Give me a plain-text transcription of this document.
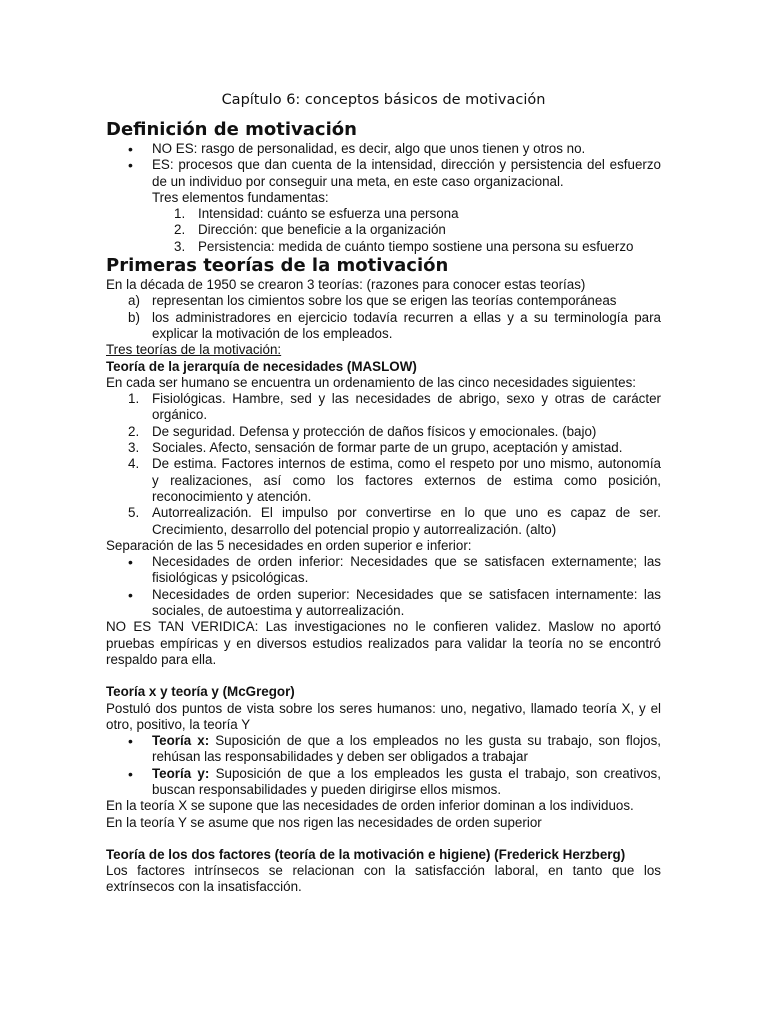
Capítulo 6: conceptos básicos de motivación
Definición de motivación
• NO ES: rasgo de personalidad, es decir, algo que unos tienen y otros no.
• ES: procesos que dan cuenta de la intensidad, dirección y persistencia del esfuerzo de un individuo por conseguir una meta, en este caso organizacional.
Tres elementos fundamentas:
1. Intensidad: cuánto se esfuerza una persona
2. Dirección: que beneficie a la organización
3. Persistencia: medida de cuánto tiempo sostiene una persona su esfuerzo
Primeras teorías de la motivación

En la década de 1950 se crearon 3 teorías: (razones para conocer estas teorías)

a) representan los cimientos sobre los que se erigen las teorías contemporáneas
b) los administradores en ejercicio todavía recurren a ellas y a su terminología para explicar la motivación de los empleados.

Tres teorías de la motivación:

Teoría de la jerarquía de necesidades (MASLOW)

En cada ser humano se encuentra un ordenamiento de las cinco necesidades siguientes:

1. Fisiológicas. Hambre, sed y las necesidades de abrigo, sexo y otras de carácter orgánico.
2. De seguridad. Defensa y protección de daños físicos y emocionales. (bajo)
3. Sociales. Afecto, sensación de formar parte de un grupo, aceptación y amistad.
4. De estima. Factores internos de estima, como el respeto por uno mismo, autonomía y realizaciones, así como los factores externos de estima como posición, reconocimiento y atención.
5. Autorrealización. El impulso por convertirse en lo que uno es capaz de ser. Crecimiento, desarrollo del potencial propio y autorrealización. (alto)

Separación de las 5 necesidades en orden superior e inferior:

• Necesidades de orden inferior: Necesidades que se satisfacen externamente; las fisiológicas y psicológicas.
• Necesidades de orden superior: Necesidades que se satisfacen internamente: las sociales, de autoestima y autorrealización.

NO ES TAN VERIDICA: Las investigaciones no le confieren validez. Maslow no aportó pruebas empíricas y en diversos estudios realizados para validar la teoría no se encontró respaldo para ella.

Teoría x y teoría y (McGregor)

Postuló dos puntos de vista sobre los seres humanos: uno, negativo, llamado teoría X, y el otro, positivo, la teoría Y

• Teoría x: Suposición de que a los empleados no les gusta su trabajo, son flojos, rehúsan las responsabilidades y deben ser obligados a trabajar
• Teoría y: Suposición de que a los empleados les gusta el trabajo, son creativos, buscan responsabilidades y pueden dirigirse ellos mismos.

En la teoría X se supone que las necesidades de orden inferior dominan a los individuos.

En la teoría Y se asume que nos rigen las necesidades de orden superior

Teoría de los dos factores (teoría de la motivación e higiene) (Frederick Herzberg)

Los factores intrínsecos se relacionan con la satisfacción laboral, en tanto que los extrínsecos con la insatisfacción.
